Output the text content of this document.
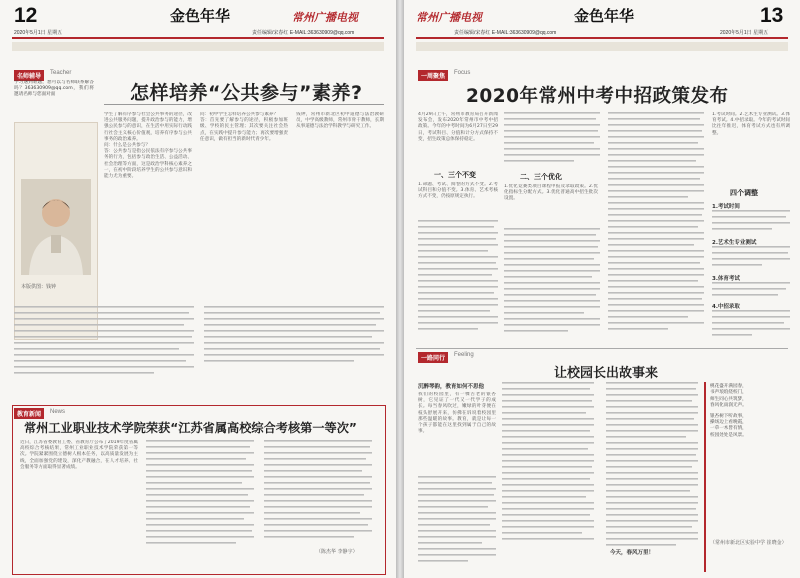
12	金色年华	常州广播电视
2020年5月1日 星期五	责任编辑/宋春红 E-MAIL:363630909@qq.com
名师辅导
Teacher
学习遇到难题，想可以与名师联系解答吗？363630909@qq.com，我们将邀请名师与您面对面	怎样培养“公共参与”素养?
本版供图：钱钟
学生了解有序参与社会公共事务的途径，改进公共服务问题，提升政治参与的能力，增强公民参与的意识，在生活中用实际行动践行社会主义核心价值观，培养有序参与公共事务的政治素养。
问：什么是公共参与？
答：公共参与是指公民依法有序参与公共事务的行为，包括参与政治生活、公益活动、社会治理等方面，这是政治学科核心素养之一，在初中阶段培养学生的公共参与意识和能力尤为重要。
问：初中学生怎样培养公共参与素养？
答：首先要了解参与的途径，积极参加班级、学校的民主管理；其次要关注社会热点，在实践中提升参与能力；再次要增强责任意识，做有担当的新时代青少年。
钱钟，常州市新北区初中道德与法治教研员，中学高级教师，常州市骨干教师，长期从事道德与法治学科教学与研究工作。
教育新闻	News
常州工业职业技术学院荣获“江苏省属高校综合考核第一等次”
近日，江苏省委教育工委、省教育厅公布了2019年度省属高校综合考核结果，常州工业职业技术学院荣获第一等次。学院紧紧围绕立德树人根本任务，以高质量发展为主线，全面加强党的建设，深化产教融合，在人才培养、社会服务等方面取得显著成绩。
（陈杰华 李静宇）
常州广播电视	金色年华	13
责任编辑/宋春红 E-MAIL:363630909@qq.com	2020年5月1日 星期五
一周聚焦
Focus
2020年常州中考中招政策发布
4月29日上午，常州市教育局召开新闻发布会，发布2020年常州市中考中招政策。今年的中考时间为6月27日至29日，考试科目、分值和计分方式保持不变，招生政策总体保持稳定。
一、三个不变
1.命题、考试、阅卷的方式不变。2.考试科目和分值不变。3.体育、艺术考核方式不变，仍按原规定执行。
二、三个优化
1.优化竞赛类项目课程申报及录取政策。2.优化指标生分配方式。3.优化普通高中招生批次设置。
1.考试时间。2.艺术生专业测试。3.体育考试。4.中招录取。今年的考试时间比往年推迟，体育考试方式也有所调整。
四个调整
1.考试时间
2.艺术生专业测试
3.体育考试
4.中招录取
一路同行
Feeling
让校园长出故事来
沉醉琴韵，教育如何不思他
我们的校园里，有一棵古老的银杏树，它见证了一代又一代学子的成长。每当春风吹过，嫩绿的叶芽便在枝头舒展开来，仿佛在诉说着校园里那些温暖的故事。教育，就是让每一个孩子都能在这里找到属于自己的故事。
今天，春风万里！
桃花盛开满园春，
书声琅琅绕校门，
师生同心共筑梦，
春风化雨润无声。
银杏树下听故事，
操场边上看晚霞，
一草一木皆有情，
校园处处是风景。
（常州市新北区实验中学 崔晓金）
